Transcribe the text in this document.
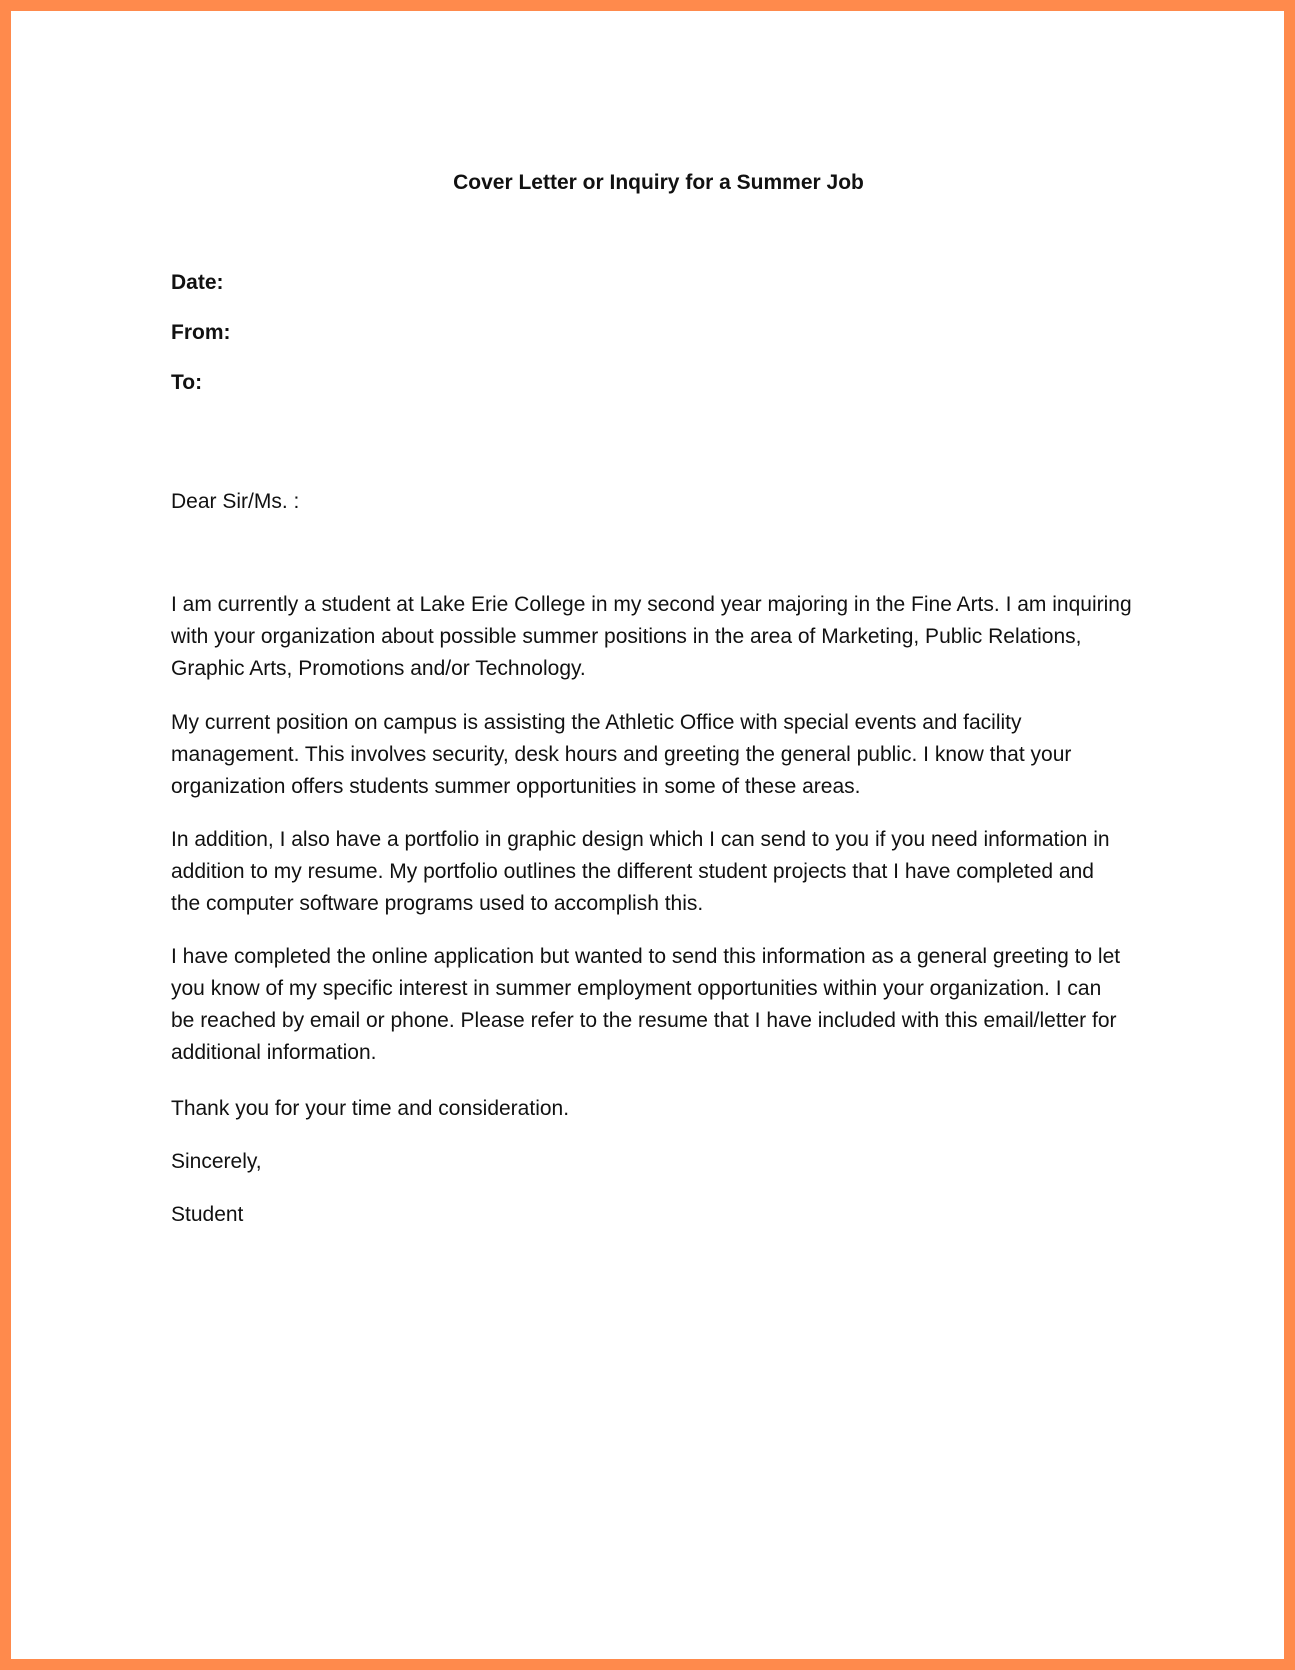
Cover Letter or Inquiry for a Summer Job
Date:
From:
To:
Dear Sir/Ms. :
I am currently a student at Lake Erie College in my second year majoring in the Fine Arts. I am inquiring
with your organization about possible summer positions in the area of Marketing, Public Relations,
Graphic Arts, Promotions and/or Technology.
My current position on campus is assisting the Athletic Office with special events and facility
management. This involves security, desk hours and greeting the general public. I know that your
organization offers students summer opportunities in some of these areas.
In addition, I also have a portfolio in graphic design which I can send to you if you need information in
addition to my resume. My portfolio outlines the different student projects that I have completed and
the computer software programs used to accomplish this.
I have completed the online application but wanted to send this information as a general greeting to let
you know of my specific interest in summer employment opportunities within your organization. I can
be reached by email or phone. Please refer to the resume that I have included with this email/letter for
additional information.
Thank you for your time and consideration.
Sincerely,
Student
